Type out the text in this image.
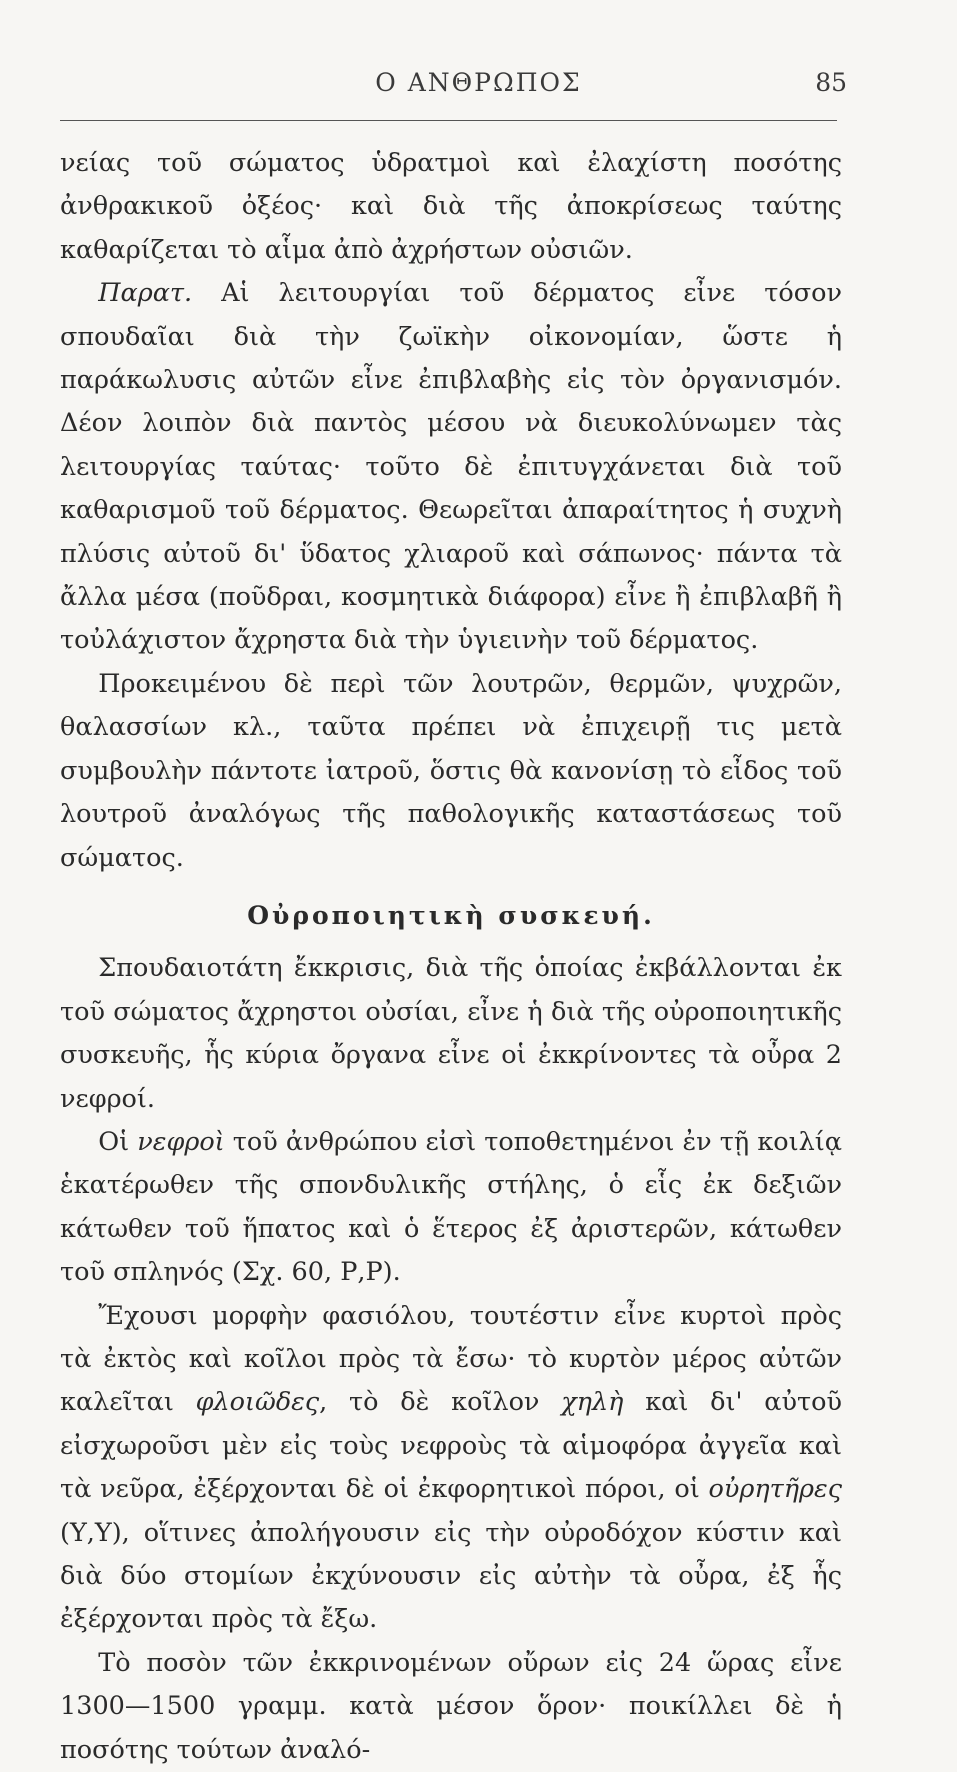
Ο ΑΝΘΡΩΠΟΣ	85

νείας τοῦ σώματος ὑδρατμοὶ καὶ ἐλαχίστη ποσότης ἀνθρακικοῦ ὀξέος· καὶ διὰ τῆς ἀποκρίσεως ταύτης καθαρίζεται τὸ αἷμα ἀπὸ ἀχρήστων οὐσιῶν.

Παρατ. Αἱ λειτουργίαι τοῦ δέρματος εἶνε τόσον σπουδαῖαι διὰ τὴν ζωϊκὴν οἰκονομίαν, ὥστε ἡ παράκωλυσις αὐτῶν εἶνε ἐπιβλαβὴς εἰς τὸν ὀργανισμόν. Δέον λοιπὸν διὰ παντὸς μέσου νὰ διευκολύνωμεν τὰς λειτουργίας ταύτας· τοῦτο δὲ ἐπιτυγχάνεται διὰ τοῦ καθαρισμοῦ τοῦ δέρματος. Θεωρεῖται ἀπαραίτητος ἡ συχνὴ πλύσις αὐτοῦ δι' ὕδατος χλιαροῦ καὶ σάπωνος· πάντα τὰ ἄλλα μέσα (ποῦδραι, κοσμητικὰ διάφορα) εἶνε ἢ ἐπιβλαβῆ ἢ τοὐλάχιστον ἄχρηστα διὰ τὴν ὑγιεινὴν τοῦ δέρματος.

Προκειμένου δὲ περὶ τῶν λουτρῶν, θερμῶν, ψυχρῶν, θαλασσίων κλ., ταῦτα πρέπει νὰ ἐπιχειρῇ τις μετὰ συμβουλὴν πάντοτε ἰατροῦ, ὅστις θὰ κανονίσῃ τὸ εἶδος τοῦ λουτροῦ ἀναλόγως τῆς παθολογικῆς καταστάσεως τοῦ σώματος.

Οὐροποιητικὴ συσκευή.

Σπουδαιοτάτη ἔκκρισις, διὰ τῆς ὁποίας ἐκβάλλονται ἐκ τοῦ σώματος ἄχρηστοι οὐσίαι, εἶνε ἡ διὰ τῆς οὐροποιητικῆς συσκευῆς, ἧς κύρια ὄργανα εἶνε οἱ ἐκκρίνοντες τὰ οὖρα 2 νεφροί.

Οἱ νεφροὶ τοῦ ἀνθρώπου εἰσὶ τοποθετημένοι ἐν τῇ κοιλίᾳ ἑκατέρωθεν τῆς σπονδυλικῆς στήλης, ὁ εἷς ἐκ δεξιῶν κάτωθεν τοῦ ἥπατος καὶ ὁ ἕτερος ἐξ ἀριστερῶν, κάτωθεν τοῦ σπληνός (Σχ. 60, Ρ,Ρ).

Ἔχουσι μορφὴν φασιόλου, τουτέστιν εἶνε κυρτοὶ πρὸς τὰ ἐκτὸς καὶ κοῖλοι πρὸς τὰ ἔσω· τὸ κυρτὸν μέρος αὐτῶν καλεῖται φλοιῶδες, τὸ δὲ κοῖλον χηλὴ καὶ δι' αὐτοῦ εἰσχωροῦσι μὲν εἰς τοὺς νεφροὺς τὰ αἱμοφόρα ἀγγεῖα καὶ τὰ νεῦρα, ἐξέρχονται δὲ οἱ ἐκφορητικοὶ πόροι, οἱ οὐρητῆρες (Υ,Υ), οἵτινες ἀπολήγουσιν εἰς τὴν οὐροδόχον κύστιν καὶ διὰ δύο στομίων ἐκχύνουσιν εἰς αὐτὴν τὰ οὖρα, ἐξ ἧς ἐξέρχονται πρὸς τὰ ἔξω.

Τὸ ποσὸν τῶν ἐκκρινομένων οὔρων εἰς 24 ὥρας εἶνε 1300—1500 γραμμ. κατὰ μέσον ὅρον· ποικίλλει δὲ ἡ ποσότης τούτων ἀναλό-
